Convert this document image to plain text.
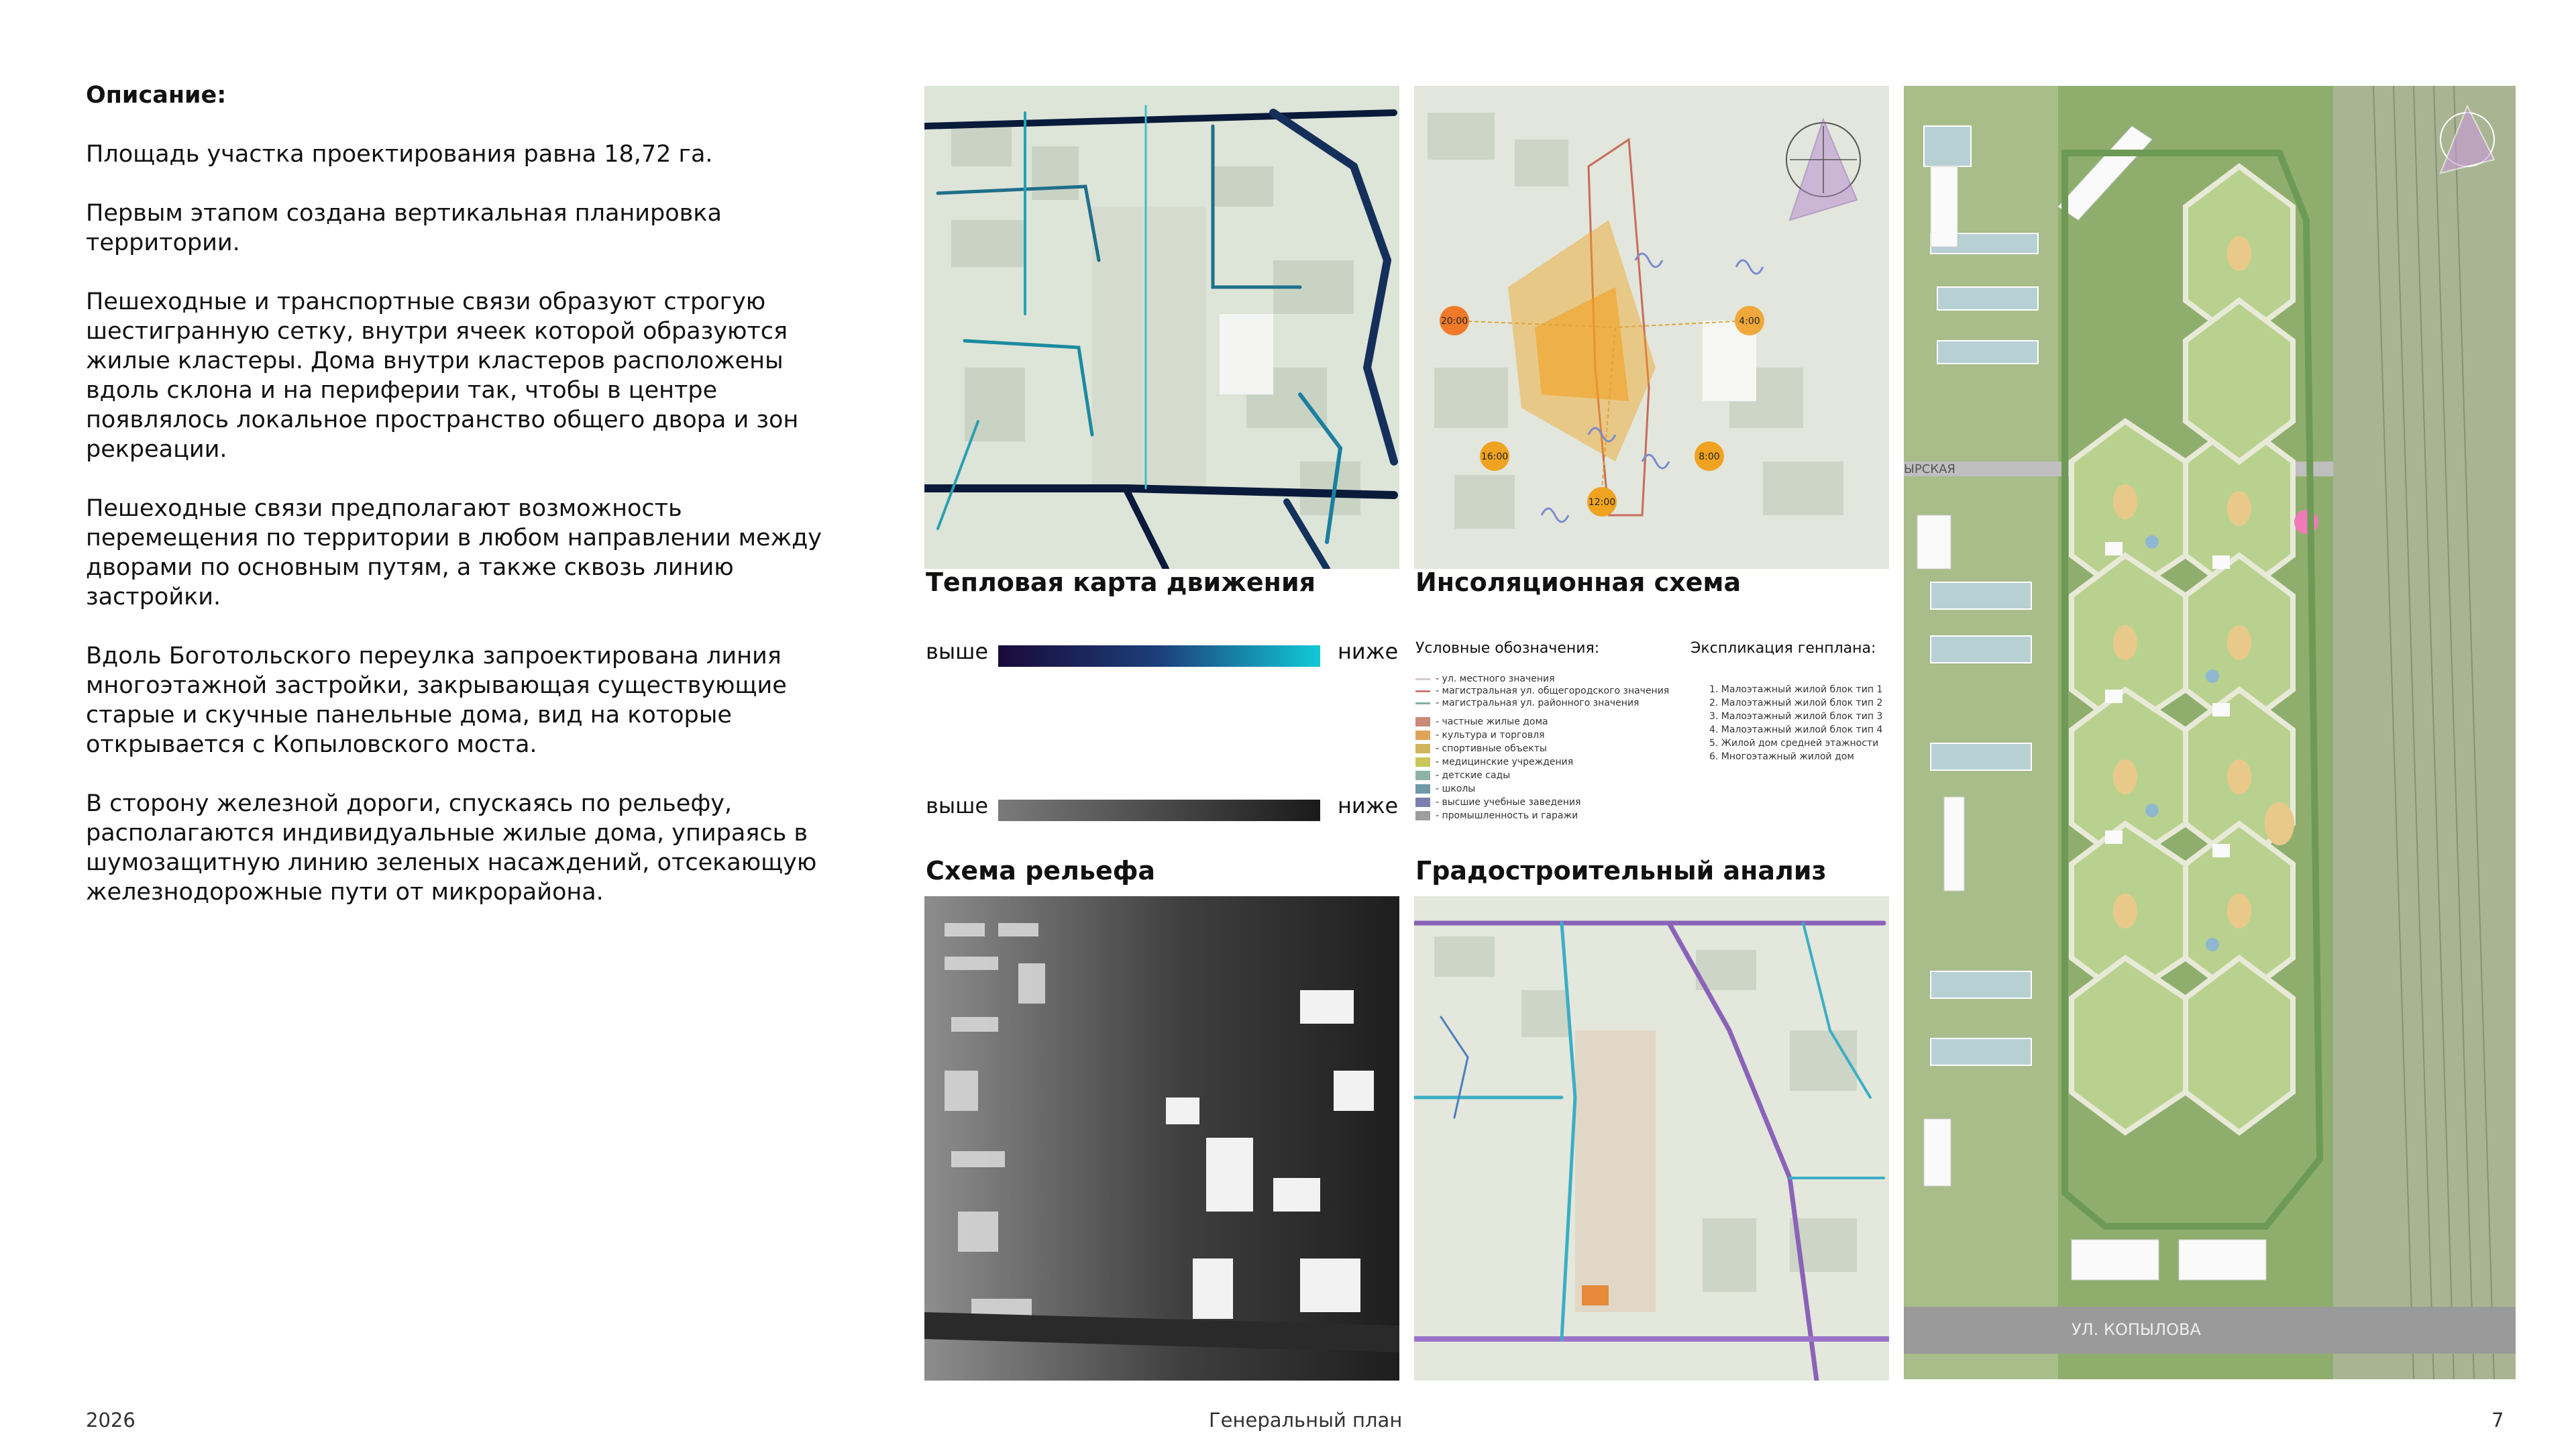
Описание:

Площадь участка проектирования равна 18,72 га.

Первым этапом создана вертикальная планировка территории.

Пешеходные и транспортные связи образуют строгую шестигранную сетку, внутри ячеек которой образуются жилые кластеры. Дома внутри кластеров расположены вдоль склона и на периферии так, чтобы в центре появлялось локальное пространство общего двора и зон рекреации.

Пешеходные связи предполагают возможность перемещения по территории в любом направлении между дворами по основным путям, а также сквозь линию застройки.

Вдоль Боготольского переулка запроектирована линия многоэтажной застройки, закрывающая существующие старые и скучные панельные дома, вид на которые открывается с Копыловского моста.

В сторону железной дороги, спускаясь по рельефу, располагаются индивидуальные жилые дома, упираясь в шумозащитную линию зеленых насаждений, отсекающую железнодорожные пути от микрорайона.

Тепловая карта движения
20:00	4:00
16:00	8:00
12:00
Инсоляционная схема
выше	ниже
выше	ниже
Условные обозначения:
- ул. местного значения
- магистральная ул. общегородского значения
- магистральная ул. районного значения
- частные жилые дома
- культура и торговля
- спортивные объекты
- медицинские учреждения
- детские сады
- школы
- высшие учебные заведения
- промышленность и гаражи
Экспликация генплана:
1. Малоэтажный жилой блок тип 1
2. Малоэтажный жилой блок тип 2
3. Малоэтажный жилой блок тип 3
4. Малоэтажный жилой блок тип 4
5. Жилой дом средней этажности
6. Многоэтажный жилой дом
Схема рельефа	Градостроительный анализ
ЫРСКАЯ
УЛ. КОПЫЛОВА
2026	Генеральный план	7
